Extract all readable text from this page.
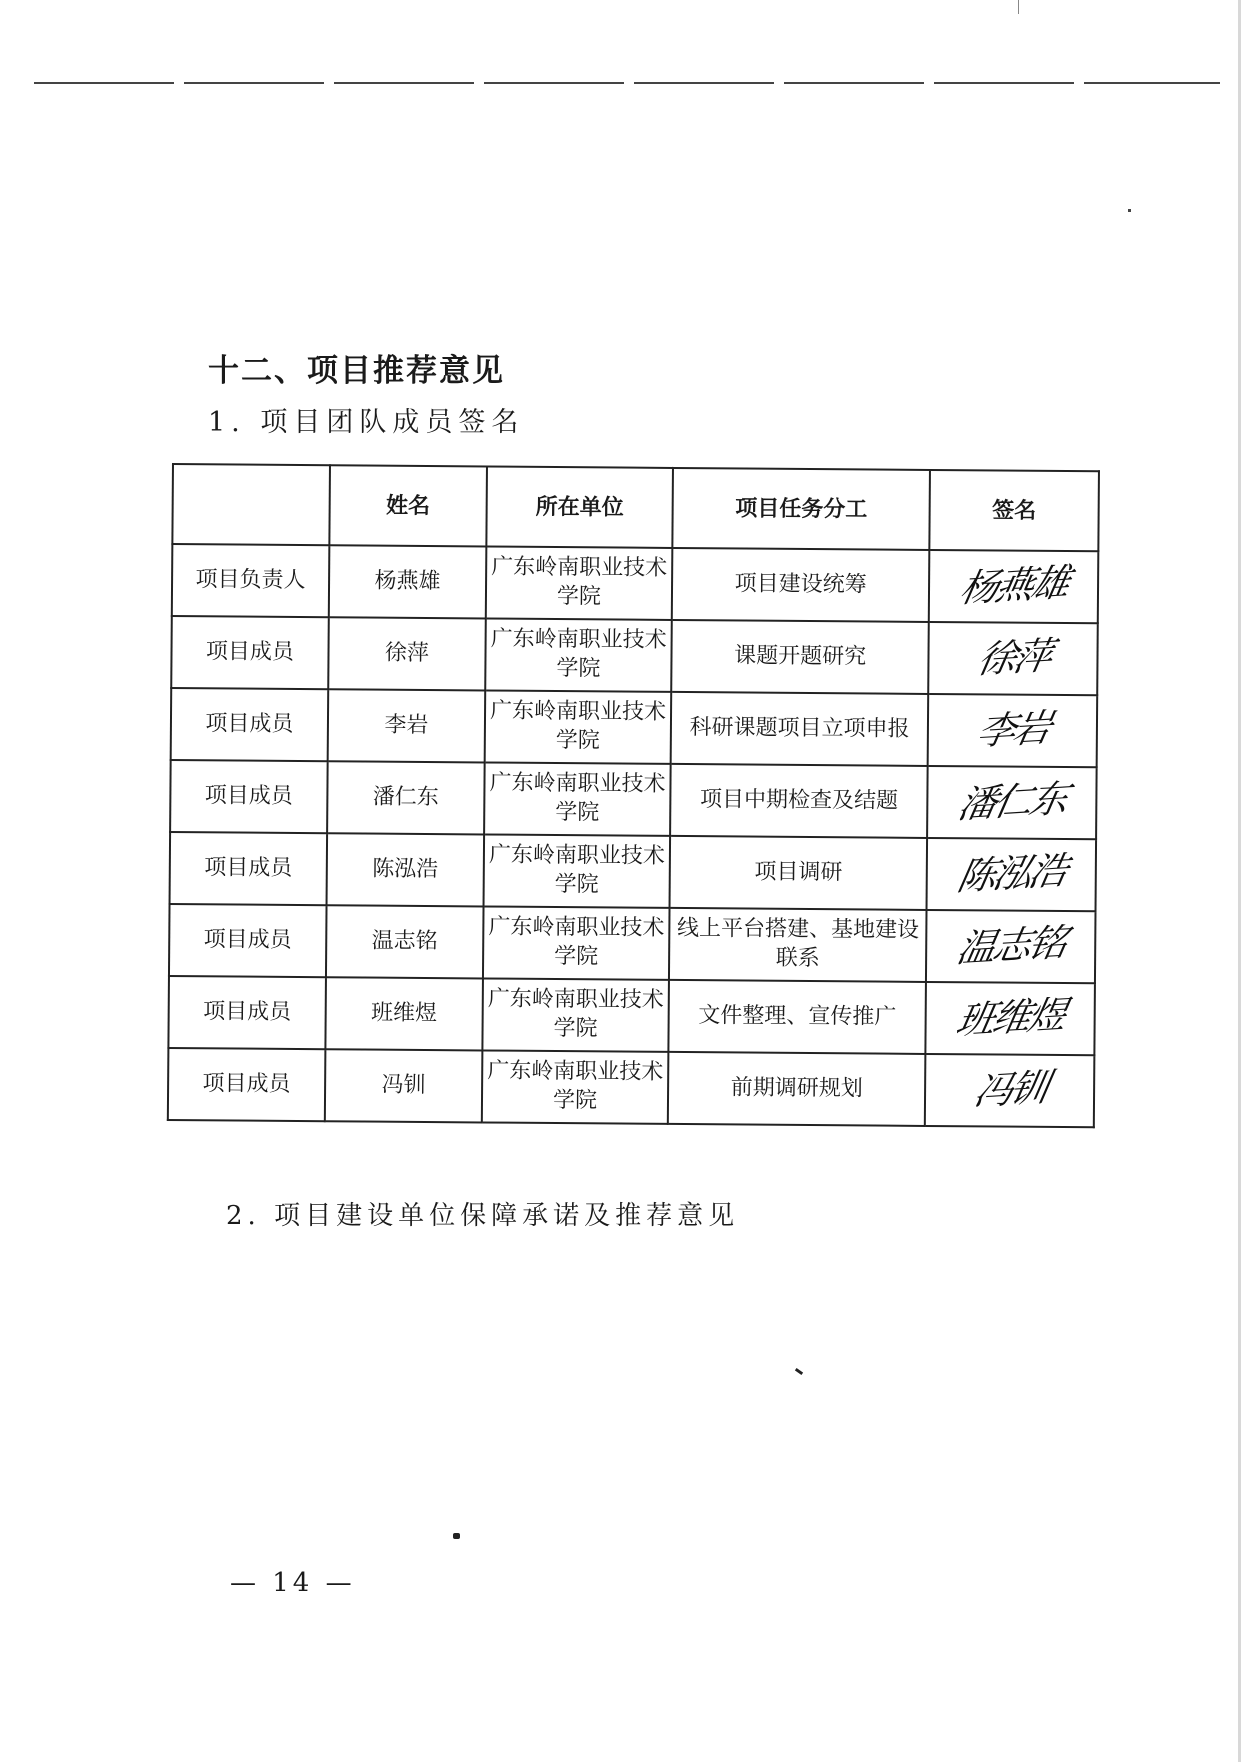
十二、项目推荐意见
1. 项目团队成员签名
	姓名	所在单位	项目任务分工	签名
项目负责人	杨燕雄	广东岭南职业技术学院	项目建设统筹	杨燕雄
项目成员	徐萍	广东岭南职业技术学院	课题开题研究	徐萍
项目成员	李岩	广东岭南职业技术学院	科研课题项目立项申报	李岩
项目成员	潘仁东	广东岭南职业技术学院	项目中期检查及结题	潘仁东
项目成员	陈泓浩	广东岭南职业技术学院	项目调研	陈泓浩
项目成员	温志铭	广东岭南职业技术学院	线上平台搭建、基地建设联系	温志铭
项目成员	班维煜	广东岭南职业技术学院	文件整理、宣传推广	班维煜
项目成员	冯钏	广东岭南职业技术学院	前期调研规划	冯钏
2. 项目建设单位保障承诺及推荐意见
— 14 —
